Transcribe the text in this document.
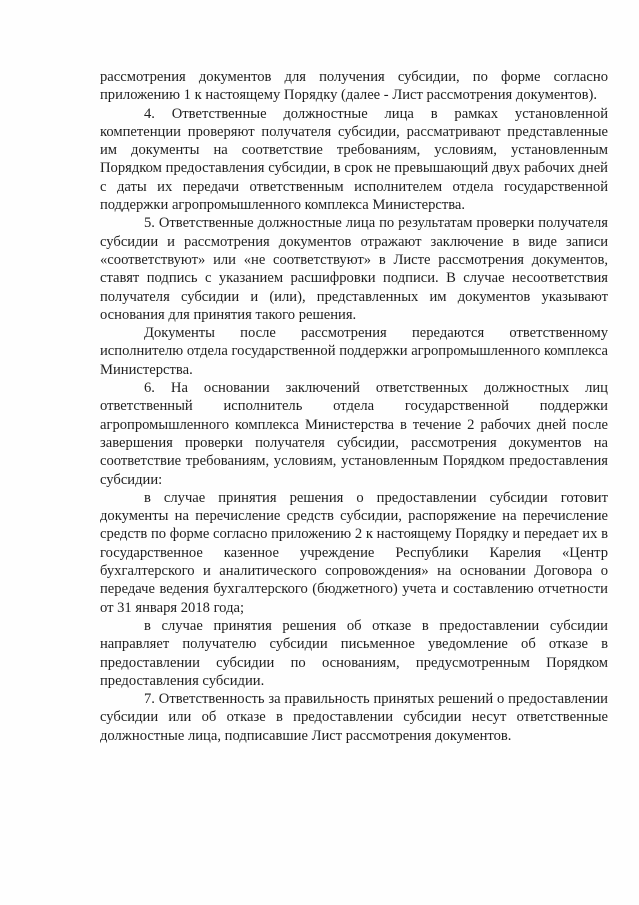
рассмотрения документов для получения субсидии, по форме согласно приложению 1 к настоящему Порядку (далее - Лист рассмотрения документов).

4. Ответственные должностные лица в рамках установленной компетенции проверяют получателя субсидии, рассматривают представленные им документы на соответствие требованиям, условиям, установленным Порядком предоставления субсидии, в срок не превышающий двух рабочих дней с даты их передачи ответственным исполнителем отдела государственной поддержки агропромышленного комплекса Министерства.

5. Ответственные должностные лица по результатам проверки получателя субсидии и рассмотрения документов отражают заключение в виде записи «соответствуют» или «не соответствуют» в Листе рассмотрения документов, ставят подпись с указанием расшифровки подписи. В случае несоответствия получателя субсидии и (или), представленных им документов указывают основания для принятия такого решения.

Документы после рассмотрения передаются ответственному исполнителю отдела государственной поддержки агропромышленного комплекса Министерства.

6. На основании заключений ответственных должностных лиц ответственный исполнитель отдела государственной поддержки агропромышленного комплекса Министерства в течение 2 рабочих дней после завершения проверки получателя субсидии, рассмотрения документов на соответствие требованиям, условиям, установленным Порядком предоставления субсидии:

в случае принятия решения о предоставлении субсидии готовит документы на перечисление средств субсидии, распоряжение на перечисление средств по форме согласно приложению 2 к настоящему Порядку и передает их в государственное казенное учреждение Республики Карелия «Центр бухгалтерского и аналитического сопровождения» на основании Договора о передаче ведения бухгалтерского (бюджетного) учета и составлению отчетности от 31 января 2018 года;

в случае принятия решения об отказе в предоставлении субсидии направляет получателю субсидии письменное уведомление об отказе в предоставлении субсидии по основаниям, предусмотренным Порядком предоставления субсидии.

7. Ответственность за правильность принятых решений о предоставлении субсидии или об отказе в предоставлении субсидии несут ответственные должностные лица, подписавшие Лист рассмотрения документов.
